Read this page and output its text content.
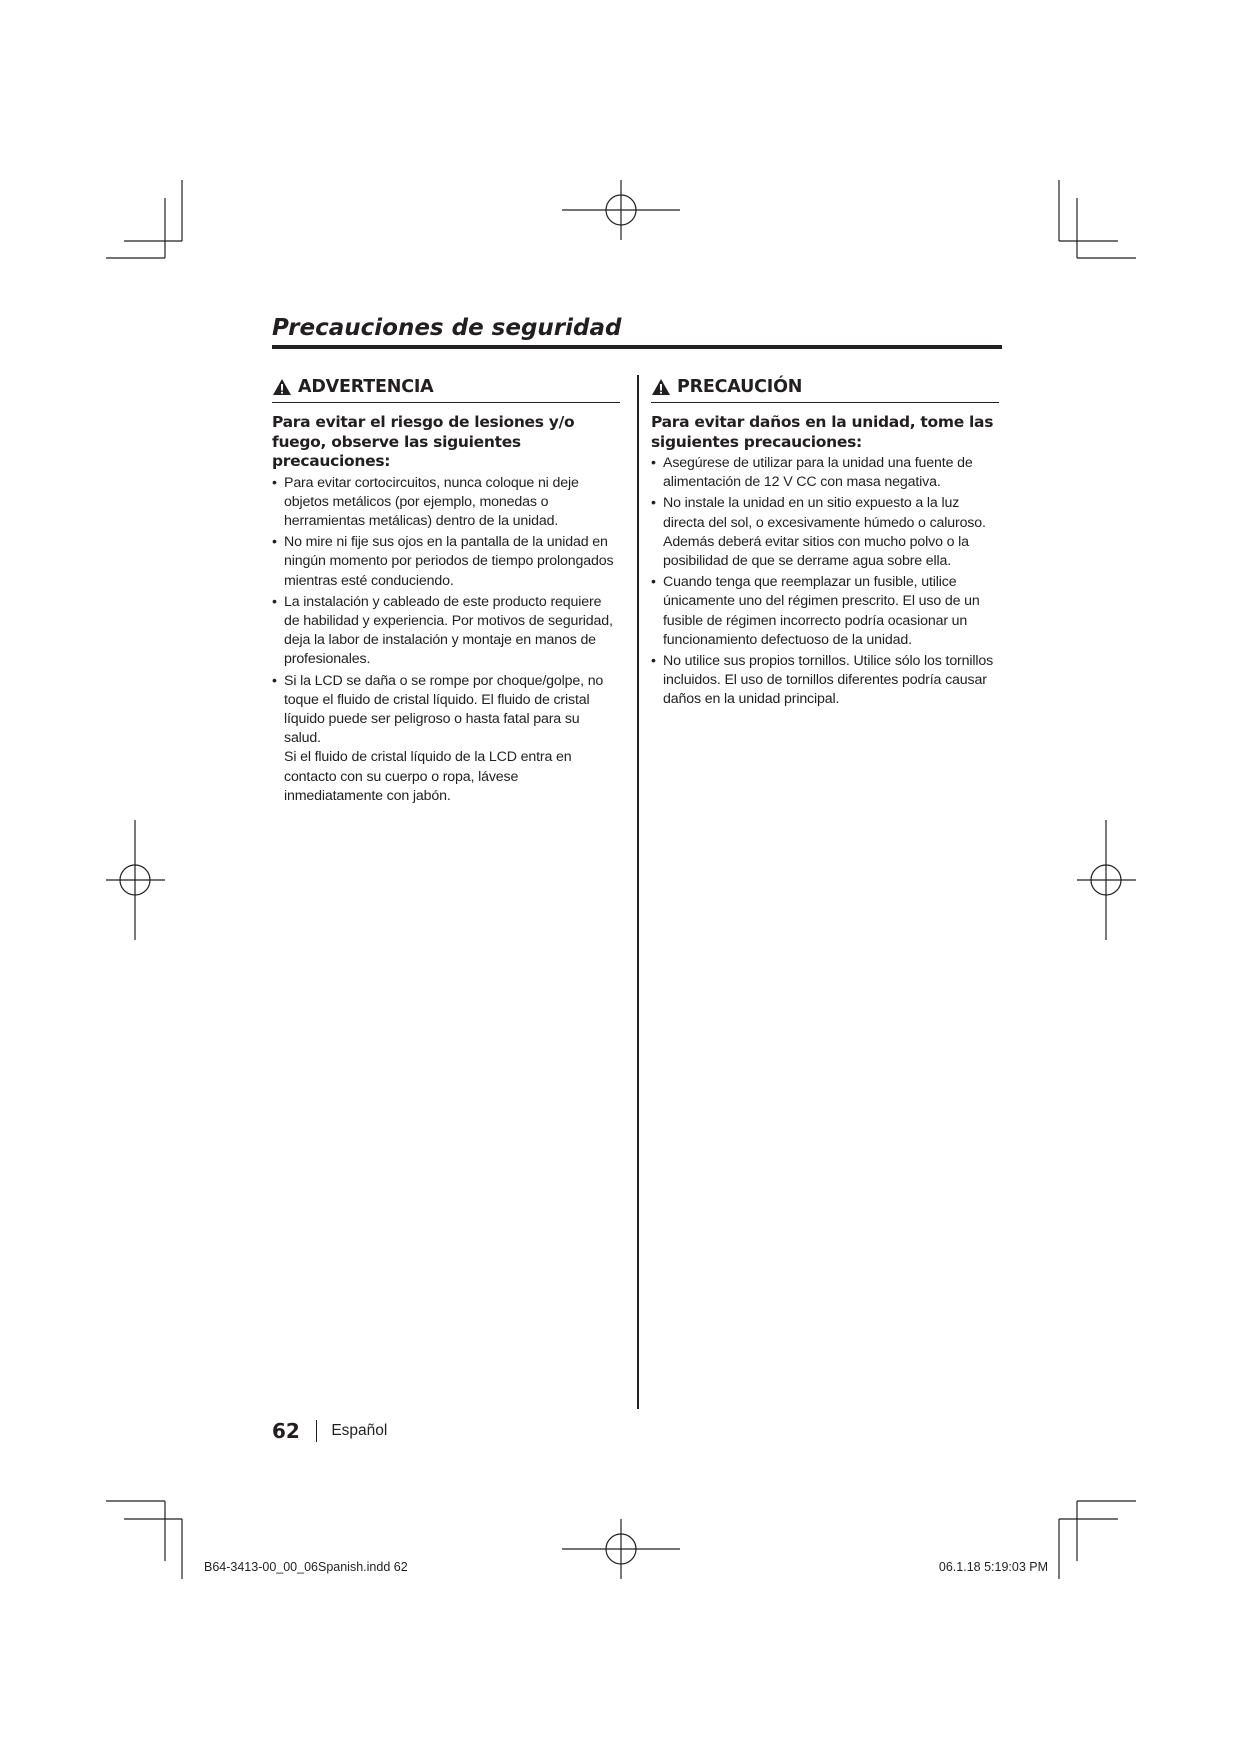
Precauciones de seguridad
ADVERTENCIA
Para evitar el riesgo de lesiones y/o fuego, observe las siguientes precauciones:
• Para evitar cortocircuitos, nunca coloque ni deje objetos metálicos (por ejemplo, monedas o herramientas metálicas) dentro de la unidad.
• No mire ni fije sus ojos en la pantalla de la unidad en ningún momento por periodos de tiempo prolongados mientras esté conduciendo.
• La instalación y cableado de este producto requiere de habilidad y experiencia. Por motivos de seguridad, deja la labor de instalación y montaje en manos de profesionales.
• Si la LCD se daña o se rompe por choque/golpe, no toque el fluido de cristal líquido. El fluido de cristal líquido puede ser peligroso o hasta fatal para su salud.
Si el fluido de cristal líquido de la LCD entra en contacto con su cuerpo o ropa, lávese inmediatamente con jabón.
PRECAUCIÓN
Para evitar daños en la unidad, tome las siguientes precauciones:
• Asegúrese de utilizar para la unidad una fuente de alimentación de 12 V CC con masa negativa.
• No instale la unidad en un sitio expuesto a la luz directa del sol, o excesivamente húmedo o caluroso. Además deberá evitar sitios con mucho polvo o la posibilidad de que se derrame agua sobre ella.
• Cuando tenga que reemplazar un fusible, utilice únicamente uno del régimen prescrito. El uso de un fusible de régimen incorrecto podría ocasionar un funcionamiento defectuoso de la unidad.
• No utilice sus propios tornillos. Utilice sólo los tornillos incluidos. El uso de tornillos diferentes podría causar daños en la unidad principal.
62 Español
B64-3413-00_00_06Spanish.indd 62	06.1.18 5:19:03 PM
